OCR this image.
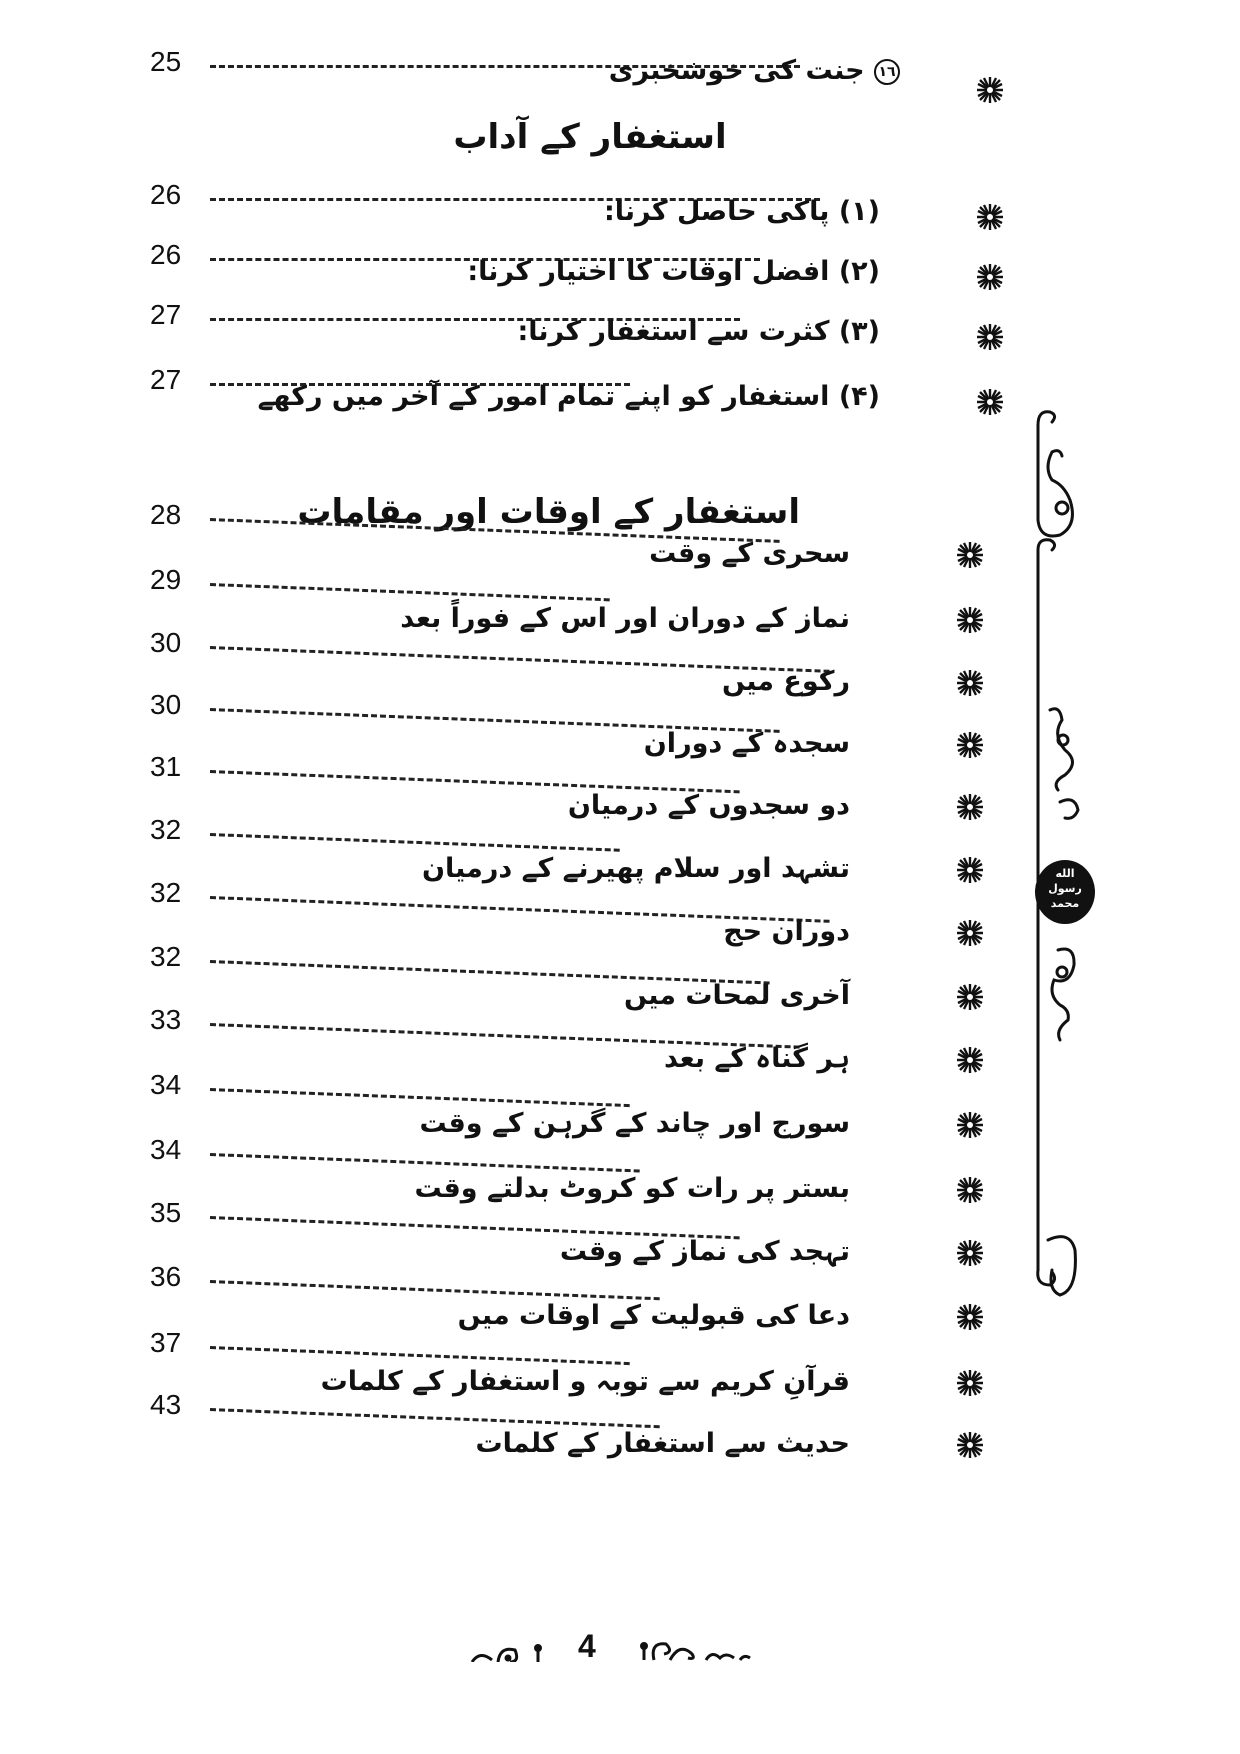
الله
رسول
محمد
25	١٦ جنت کی خوشخبری
استغفار کے آداب
26
(۱) پاکی حاصل کرنا:
26
(۲) افضل اوقات کا اختیار کرنا:
27
(۳) کثرت سے استغفار کرنا:
27
(۴) استغفار کو اپنے تمام امور کے آخر میں رکھے
استغفار کے اوقات اور مقامات
28
سحری کے وقت
29
نماز کے دوران اور اس کے فوراً بعد
30
رکوع میں
30
سجدہ کے دوران
31
دو سجدوں کے درمیان
32
تشہد اور سلام پھیرنے کے درمیان
32
دوران حج
32
آخری لمحات میں
33
ہر گناہ کے بعد
34
سورج اور چاند کے گرہن کے وقت
34
بستر پر رات کو کروٹ بدلتے وقت
35
تہجد کی نماز کے وقت
36
دعا کی قبولیت کے اوقات میں
37
قرآنِ کریم سے توبہ و استغفار کے کلمات
43
حدیث سے استغفار کے کلمات
4
